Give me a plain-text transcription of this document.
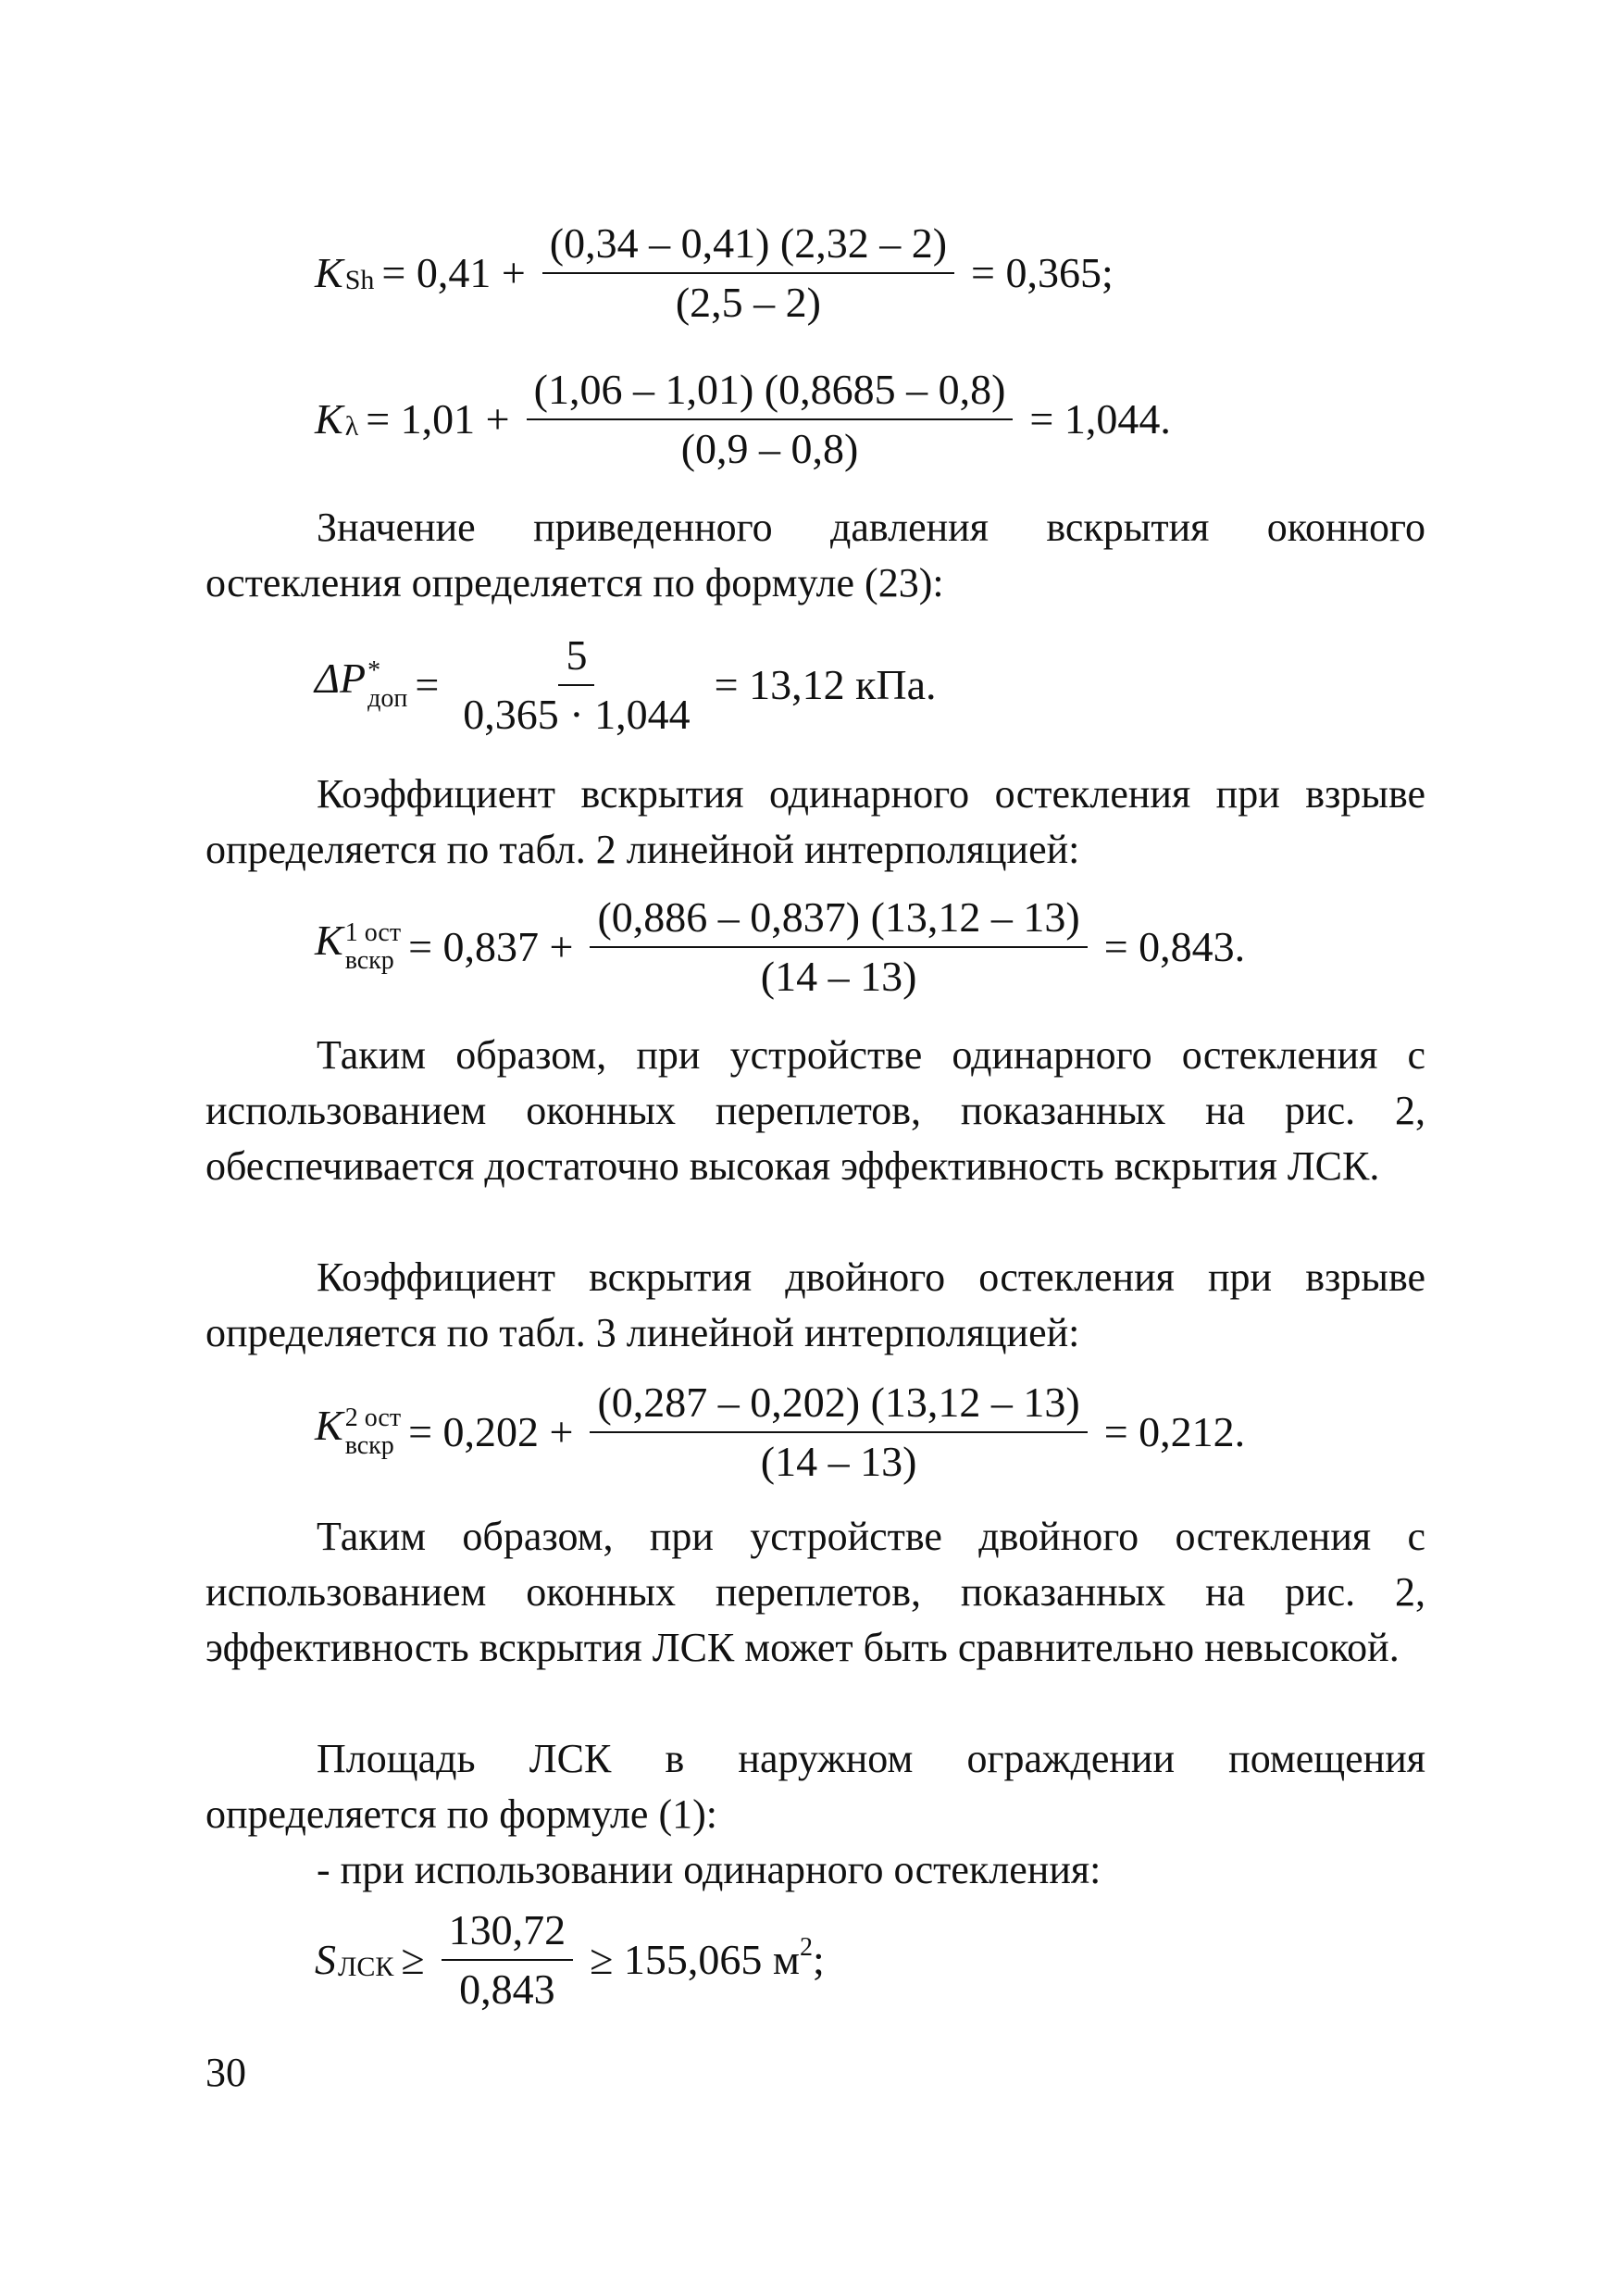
K $Sh = 0,41 + \frac{(0,34 - 0,41) (2,32 - 2)}{(2,5 - 2)} = 0,365$;
K $\lambda = 1,01 + \frac{(1,06 - 1,01) (0,8685 - 0,8)}{(0,9 - 0,8)} = 1,044$.

Значение приведенного давления вскрытия оконного остекления определяется по формуле (23):

ΔP *
доп = $\frac{5}{0,365 \cdot 1,044} = 13,12$ кПа.

Коэффициент вскрытия одинарного остекления при взрыве определяется по табл. 2 линейной интерполяцией:

K 1 ост
вскр = $0,837 + \frac{(0,886 - 0,837) (13,12 - 13)}{(14 - 13)} = 0,843$.

Таким образом, при устройстве одинарного остекления с использованием оконных переплетов, показанных на рис. 2, обеспечивается достаточно высокая эффективность вскрытия ЛСК.

Коэффициент вскрытия двойного остекления при взрыве определяется по табл. 3 линейной интерполяцией:

K 2 ост
вскр = $0,202 + \frac{(0,287 - 0,202) (13,12 - 13)}{(14 - 13)} = 0,212$.

Таким образом, при устройстве двойного остекления с использованием оконных переплетов, показанных на рис. 2, эффективность вскрытия ЛСК может быть сравнительно невысокой.

Площадь ЛСК в наружном ограждении помещения определяется по формуле (1):

- при использовании одинарного остекления:

S ЛСК ≥ $\frac{130,72}{0,843} \ge 155,065$ $м^2$;
30
